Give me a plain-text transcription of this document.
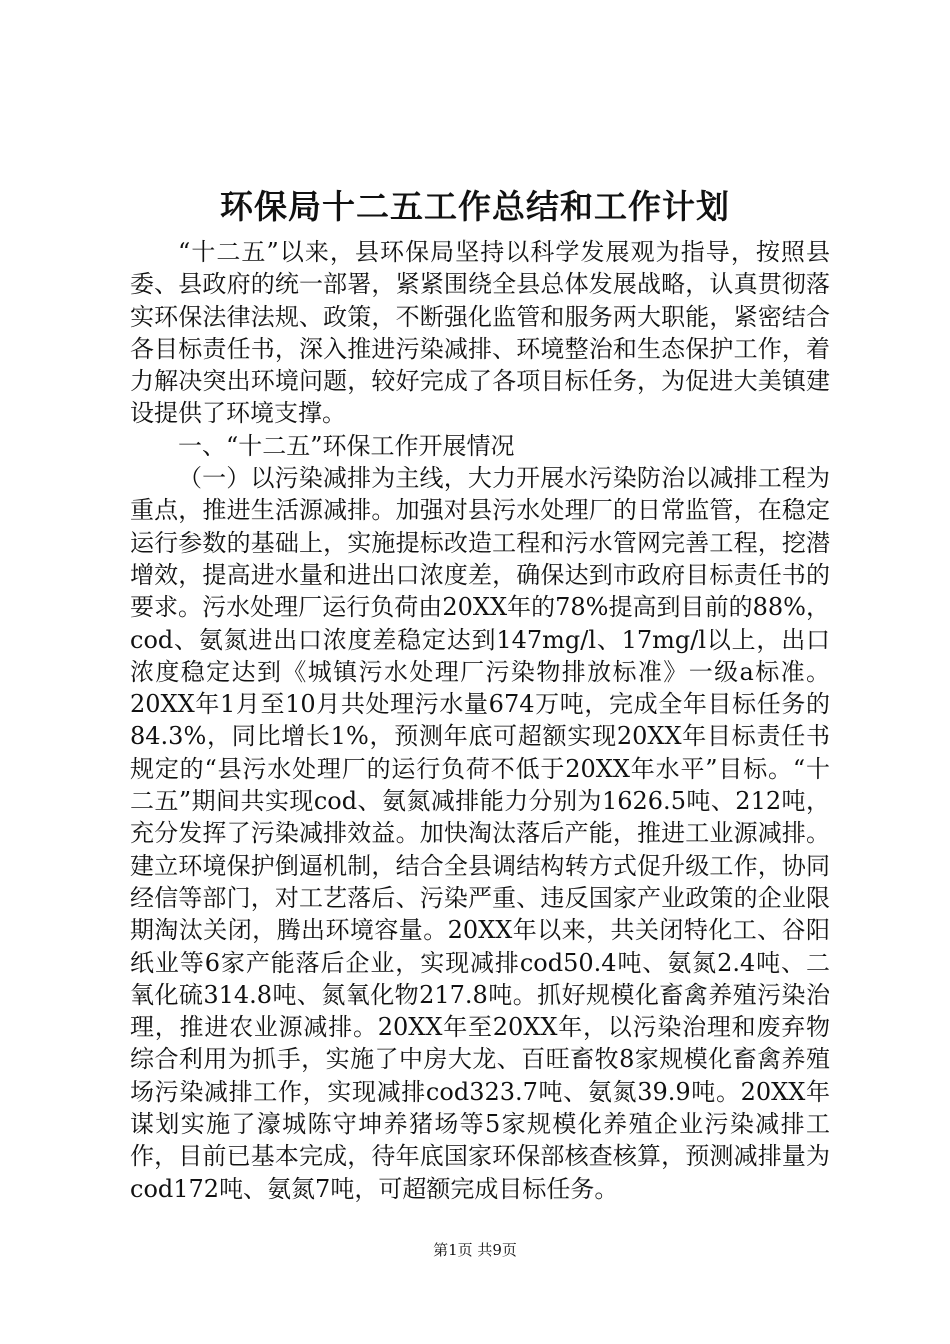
环保局十二五工作总结和工作计划

“十二五”以来，县环保局坚持以科学发展观为指导，按照县委、县政府的统一部署，紧紧围绕全县总体发展战略，认真贯彻落实环保法律法规、政策，不断强化监管和服务两大职能，紧密结合各目标责任书，深入推进污染减排、环境整治和生态保护工作，着力解决突出环境问题，较好完成了各项目标任务，为促进大美镇建设提供了环境支撑。

一、“十二五”环保工作开展情况

（一）以污染减排为主线，大力开展水污染防治以减排工程为重点，推进生活源减排。加强对县污水处理厂的日常监管，在稳定运行参数的基础上，实施提标改造工程和污水管网完善工程，挖潜增效，提高进水量和进出口浓度差，确保达到市政府目标责任书的要求。污水处理厂运行负荷由20XX年的78%提高到目前的88%，cod、氨氮进出口浓度差稳定达到147mg/l、17mg/l以上，出口浓度稳定达到《城镇污水处理厂污染物排放标准》一级a标准。20XX年1月至10月共处理污水量674万吨，完成全年目标任务的84.3%，同比增长1%，预测年底可超额实现20XX年目标责任书规定的“县污水处理厂的运行负荷不低于20XX年水平”目标。“十二五”期间共实现cod、氨氮减排能力分别为1626.5吨、212吨，充分发挥了污染减排效益。加快淘汰落后产能，推进工业源减排。建立环境保护倒逼机制，结合全县调结构转方式促升级工作，协同经信等部门，对工艺落后、污染严重、违反国家产业政策的企业限期淘汰关闭，腾出环境容量。20XX年以来，共关闭特化工、谷阳纸业等6家产能落后企业，实现减排cod50.4吨、氨氮2.4吨、二氧化硫314.8吨、氮氧化物217.8吨。抓好规模化畜禽养殖污染治理，推进农业源减排。20XX年至20XX年，以污染治理和废弃物综合利用为抓手，实施了中房大龙、百旺畜牧8家规模化畜禽养殖场污染减排工作，实现减排cod323.7吨、氨氮39.9吨。20XX年谋划实施了濠城陈守坤养猪场等5家规模化养殖企业污染减排工作，目前已基本完成，待年底国家环保部核查核算，预测减排量为cod172吨、氨氮7吨，可超额完成目标任务。

第1页 共9页
